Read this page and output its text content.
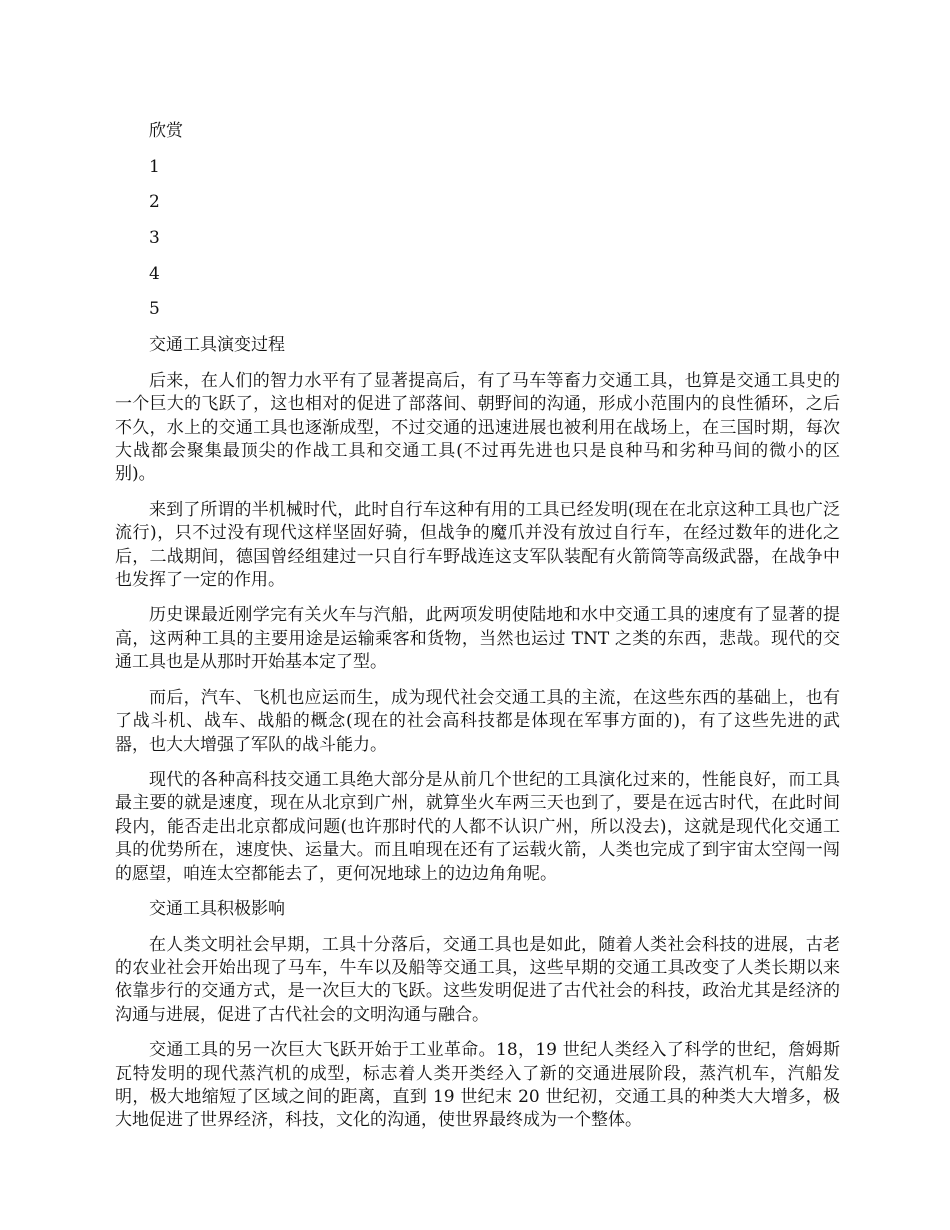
欣赏

1

2

3

4

5

交通工具演变过程

后来，在人们的智力水平有了显著提高后，有了马车等畜力交通工具，也算是交通工具史的一个巨大的飞跃了，这也相对的促进了部落间、朝野间的沟通，形成小范围内的良性循环，之后不久，水上的交通工具也逐渐成型，不过交通的迅速进展也被利用在战场上，在三国时期，每次大战都会聚集最顶尖的作战工具和交通工具(不过再先进也只是良种马和劣种马间的微小的区别)。

来到了所谓的半机械时代，此时自行车这种有用的工具已经发明(现在在北京这种工具也广泛流行)，只不过没有现代这样坚固好骑，但战争的魔爪并没有放过自行车，在经过数年的进化之后，二战期间，德国曾经组建过一只自行车野战连这支军队装配有火箭筒等高级武器，在战争中也发挥了一定的作用。

历史课最近刚学完有关火车与汽船，此两项发明使陆地和水中交通工具的速度有了显著的提高，这两种工具的主要用途是运输乘客和货物，当然也运过 TNT 之类的东西，悲哉。现代的交通工具也是从那时开始基本定了型。

而后，汽车、飞机也应运而生，成为现代社会交通工具的主流，在这些东西的基础上，也有了战斗机、战车、战船的概念(现在的社会高科技都是体现在军事方面的)，有了这些先进的武器，也大大增强了军队的战斗能力。

现代的各种高科技交通工具绝大部分是从前几个世纪的工具演化过来的，性能良好，而工具最主要的就是速度，现在从北京到广州，就算坐火车两三天也到了，要是在远古时代，在此时间段内，能否走出北京都成问题(也许那时代的人都不认识广州，所以没去)，这就是现代化交通工具的优势所在，速度快、运量大。而且咱现在还有了运载火箭，人类也完成了到宇宙太空闯一闯的愿望，咱连太空都能去了，更何况地球上的边边角角呢。

交通工具积极影响

在人类文明社会早期，工具十分落后，交通工具也是如此，随着人类社会科技的进展，古老的农业社会开始出现了马车，牛车以及船等交通工具，这些早期的交通工具改变了人类长期以来依靠步行的交通方式，是一次巨大的飞跃。这些发明促进了古代社会的科技，政治尤其是经济的沟通与进展，促进了古代社会的文明沟通与融合。

交通工具的另一次巨大飞跃开始于工业革命。18，19 世纪人类经入了科学的世纪，詹姆斯瓦特发明的现代蒸汽机的成型，标志着人类开类经入了新的交通进展阶段，蒸汽机车，汽船发明，极大地缩短了区域之间的距离，直到 19 世纪末 20 世纪初，交通工具的种类大大增多，极大地促进了世界经济，科技，文化的沟通，使世界最终成为一个整体。
